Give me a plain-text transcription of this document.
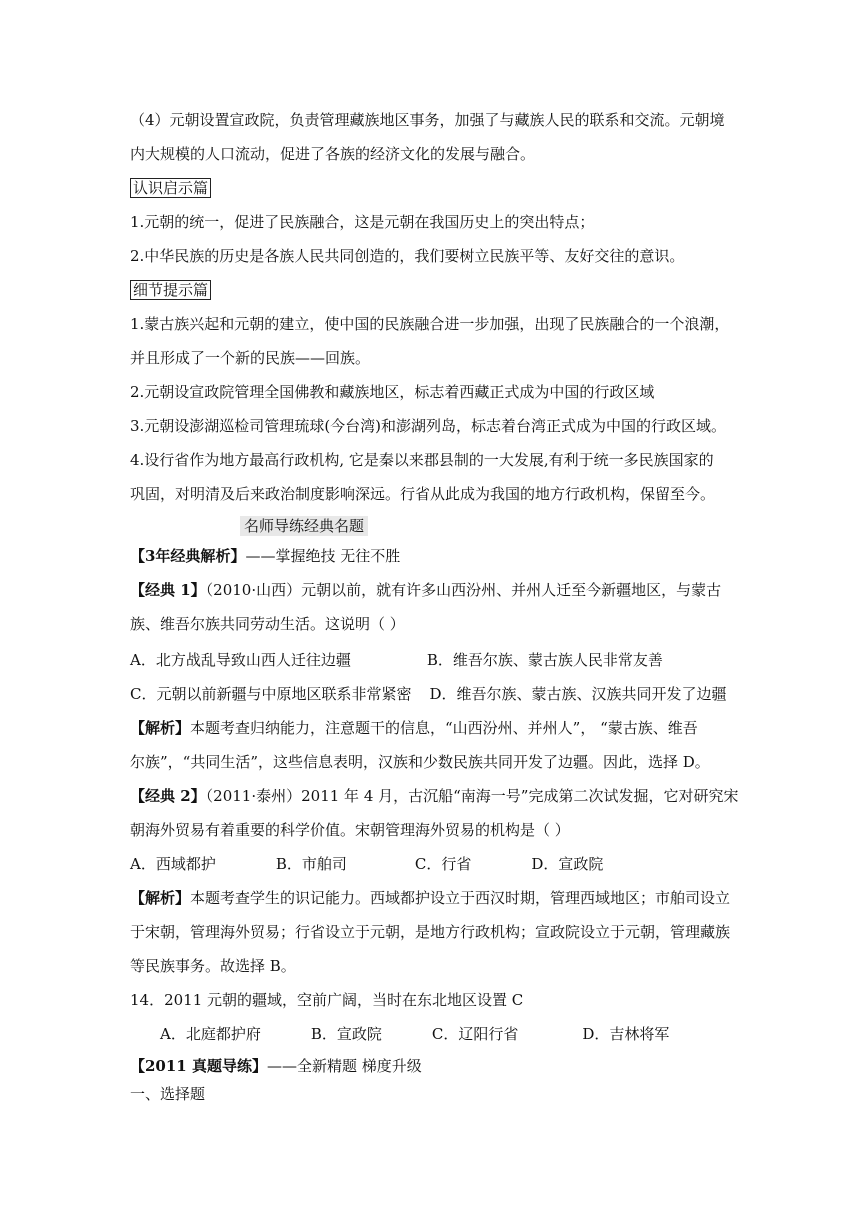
（4）元朝设置宣政院，负责管理藏族地区事务，加强了与藏族人民的联系和交流。元朝境
内大规模的人口流动，促进了各族的经济文化的发展与融合。
认识启示篇
1.元朝的统一，促进了民族融合，这是元朝在我国历史上的突出特点；
2.中华民族的历史是各族人民共同创造的，我们要树立民族平等、友好交往的意识。
细节提示篇
1.蒙古族兴起和元朝的建立，使中国的民族融合进一步加强，出现了民族融合的一个浪潮，
并且形成了一个新的民族——回族。
2.元朝设宣政院管理全国佛教和藏族地区，标志着西藏正式成为中国的行政区域
3.元朝设澎湖巡检司管理琉球(今台湾)和澎湖列岛，标志着台湾正式成为中国的行政区域。
4.设行省作为地方最高行政机构, 它是秦以来郡县制的一大发展,有利于统一多民族国家的
巩固，对明清及后来政治制度影响深远。行省从此成为我国的地方行政机构，保留至今。
名师导练经典名题
【3年经典解析】——掌握绝技 无往不胜
【经典 1】（2010·山西）元朝以前，就有许多山西汾州、并州人迁至今新疆地区，与蒙古
族、维吾尔族共同劳动生活。这说明（ ）
A．北方战乱导致山西人迁往边疆	B．维吾尔族、蒙古族人民非常友善
C．元朝以前新疆与中原地区联系非常紧密 D．维吾尔族、蒙古族、汉族共同开发了边疆
【解析】本题考查归纳能力，注意题干的信息，“山西汾州、并州人”， “蒙古族、维吾
尔族”，“共同生活”，这些信息表明，汉族和少数民族共同开发了边疆。因此，选择 D。
【经典 2】（2011·泰州）2011 年 4 月，古沉船“南海一号”完成第二次试发掘，它对研究宋
朝海外贸易有着重要的科学价值。宋朝管理海外贸易的机构是（ ）
A．西域都护	B．市舶司	C．行省	D．宣政院
【解析】本题考查学生的识记能力。西域都护设立于西汉时期，管理西域地区；市舶司设立
于宋朝，管理海外贸易；行省设立于元朝，是地方行政机构；宣政院设立于元朝，管理藏族
等民族事务。故选择 B。
14．2011 元朝的疆域，空前广阔，当时在东北地区设置 C
A．北庭都护府	B．宣政院	C．辽阳行省	D．吉林将军
【2011 真题导练】——全新精题 梯度升级
一、选择题
